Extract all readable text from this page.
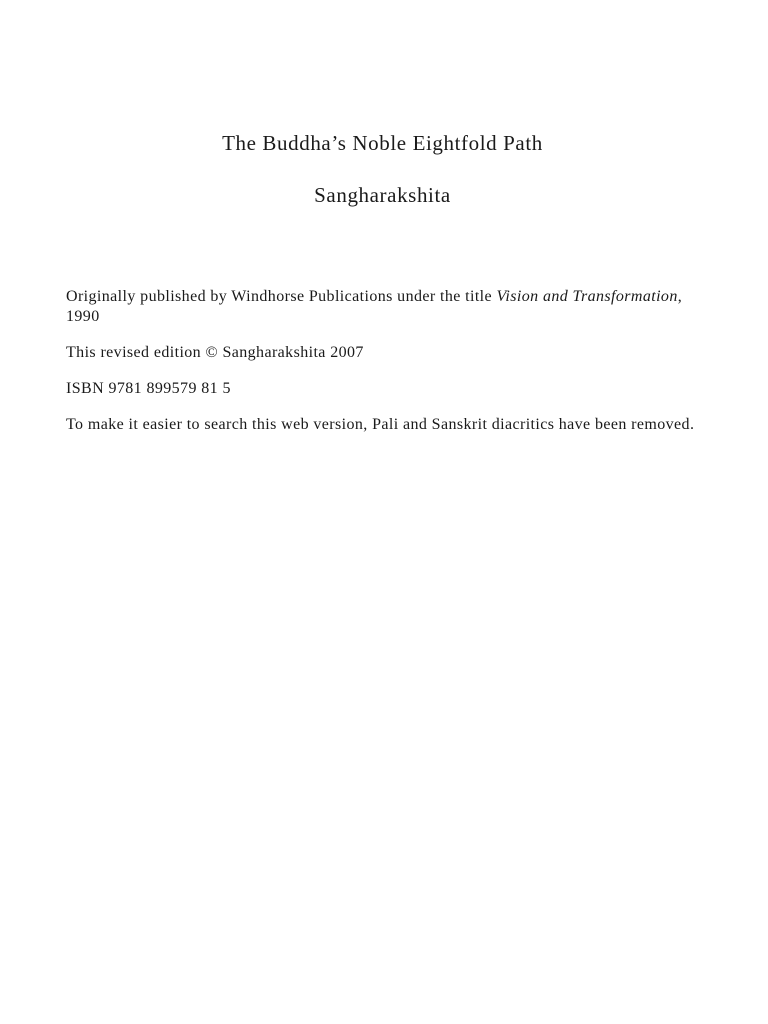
The Buddha’s Noble Eightfold Path
Sangharakshita

Originally published by Windhorse Publications under the title Vision and Transformation, 1990

This revised edition © Sangharakshita 2007

ISBN 9781 899579 81 5

To make it easier to search this web version, Pali and Sanskrit diacritics have been removed.
